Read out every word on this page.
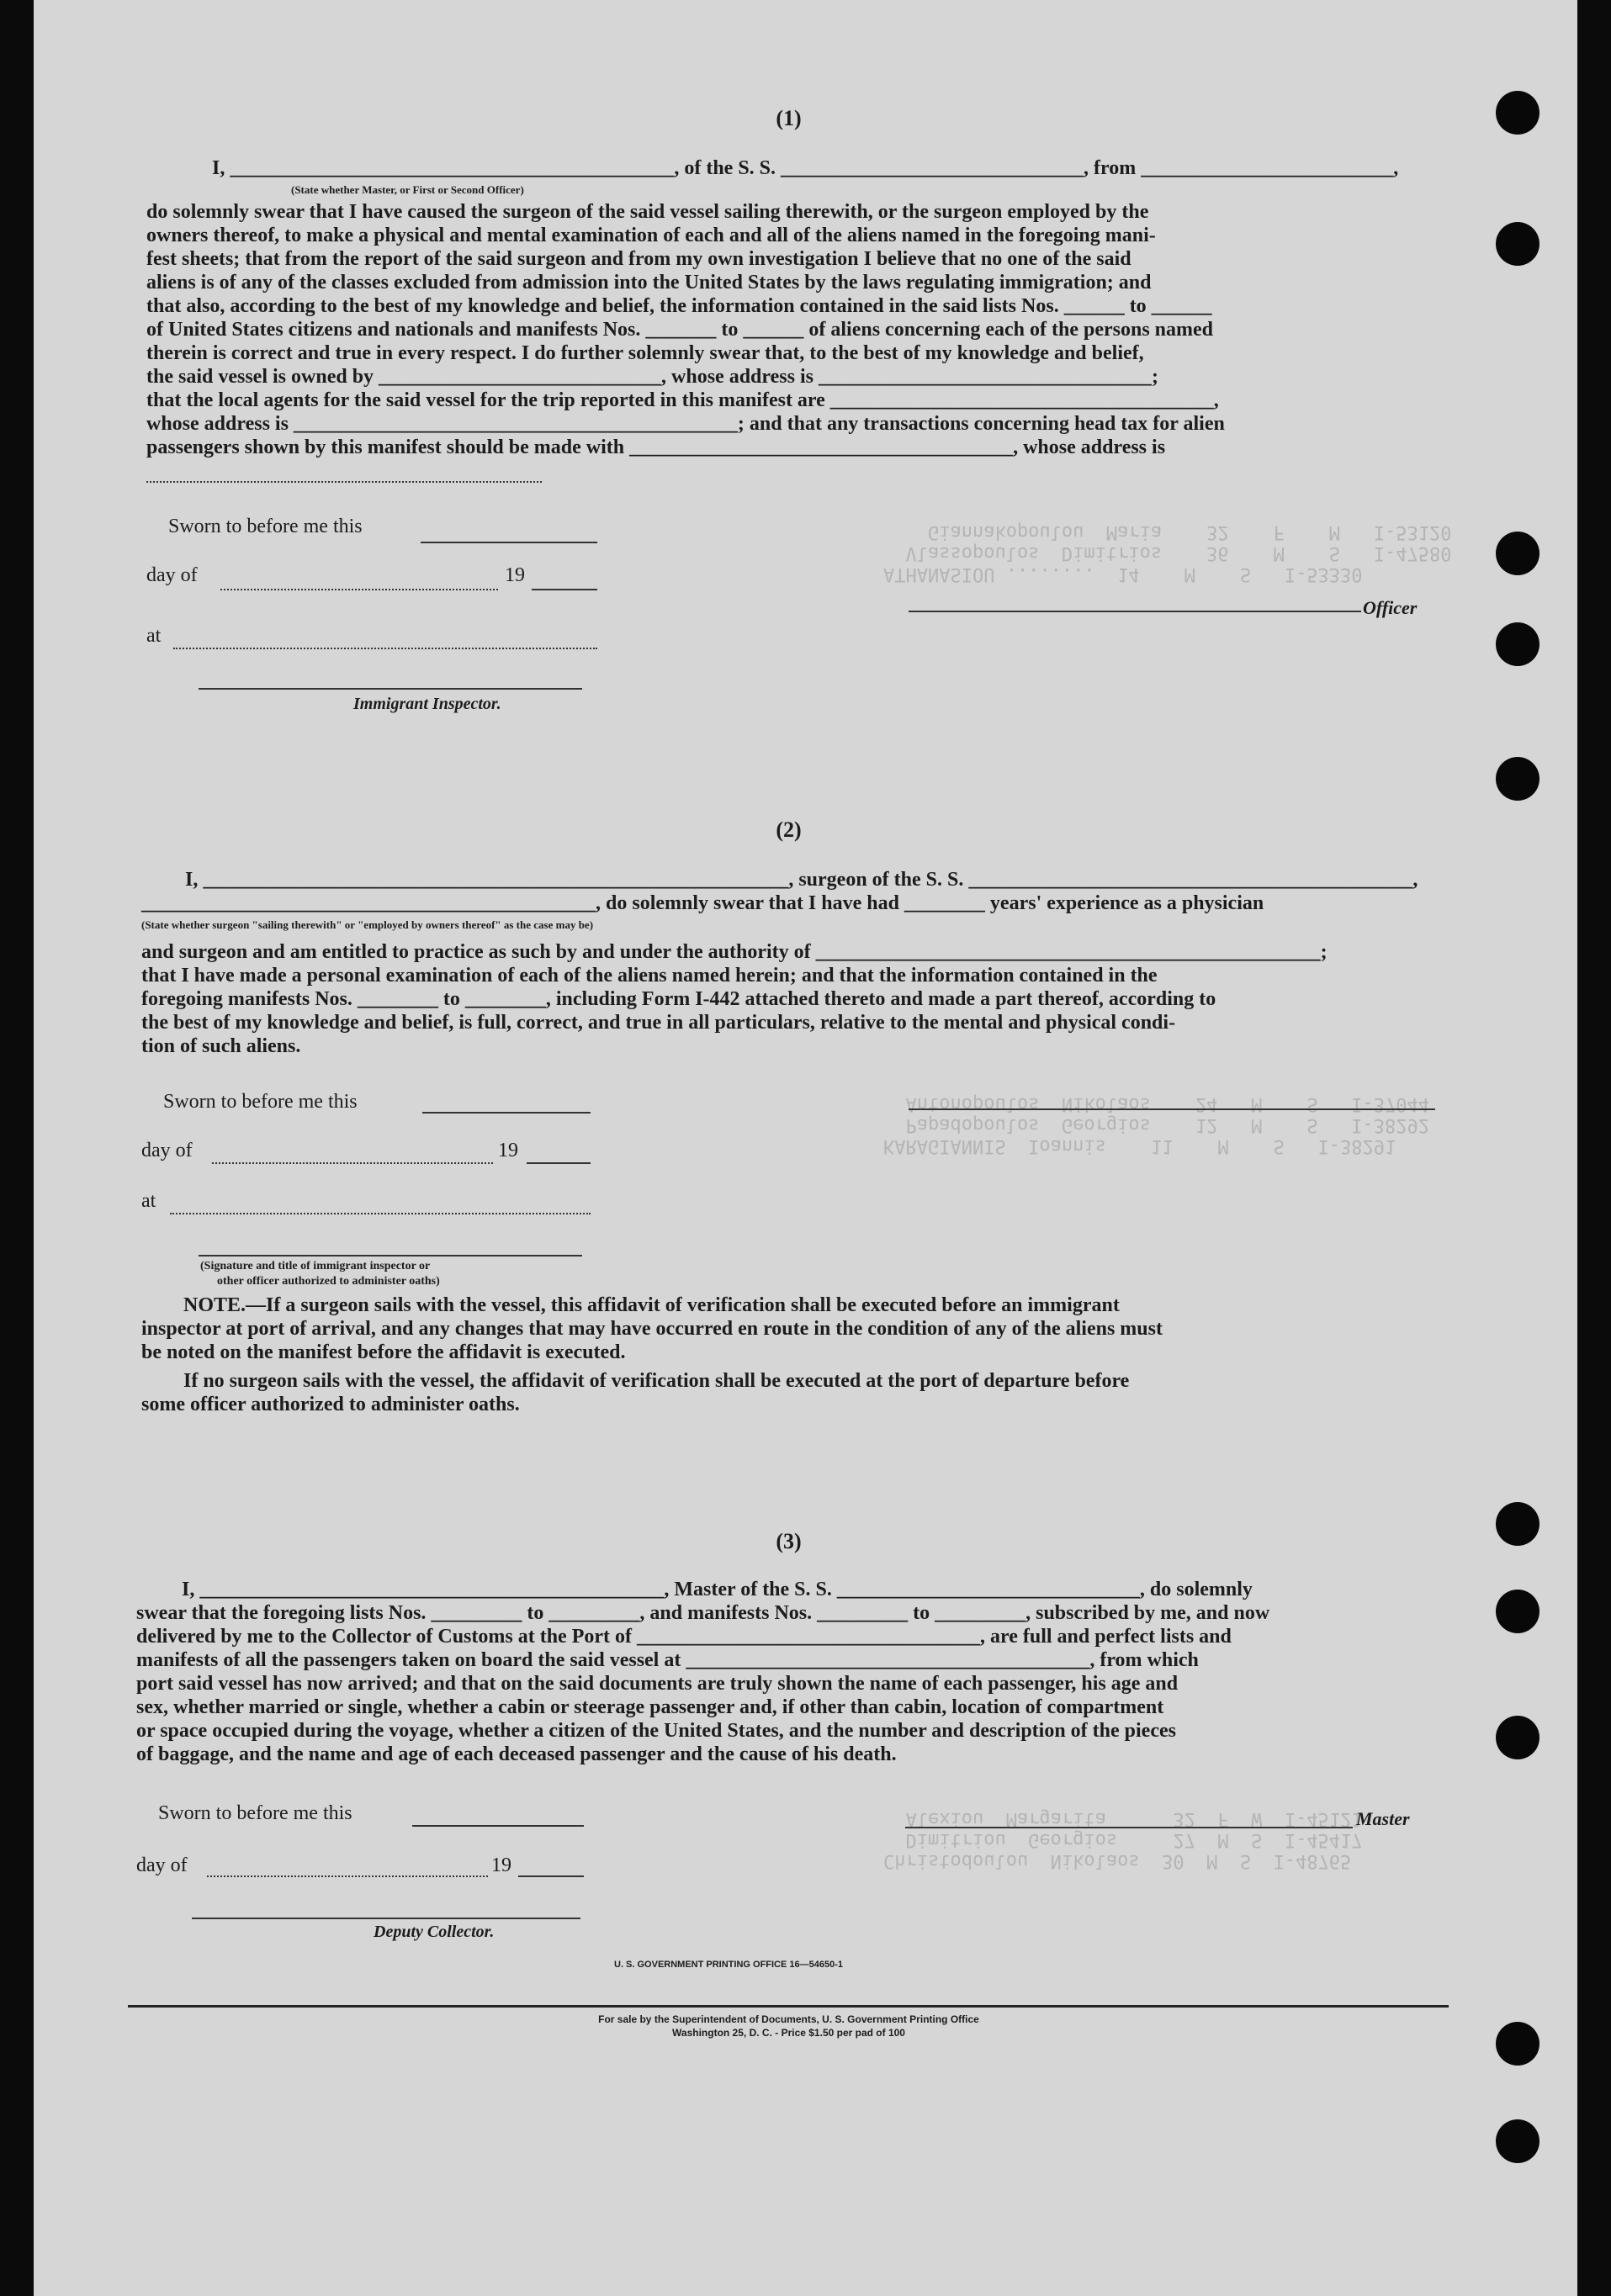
ATHANASIOU ........  14    M    S   I-53330
Vlassopoulos  Dimitrios    36    M    S   I-47580
Giannakopoulou  Maria    32    F    M   I-53120
KARAGIANNIS  Ioannis    11    M    S   I-38291
Papadopoulos  Georgios    12   M    S   I-38292
Antonopoulos  Nikolaos    24   M    S   I-37044
Christodoulou  Nikolaos  30  M  S  I-48765
Dimitriou  Georgios     27  M  S  I-45417
Alexiou  Margarita      32  F  W  I-45121
(1)
I, ____________________________________________, of the S. S. ______________________________, from _________________________,
(State whether Master, or First or Second Officer)
do solemnly swear that I have caused the surgeon of the said vessel sailing therewith, or the surgeon employed by the
owners thereof, to make a physical and mental examination of each and all of the aliens named in the foregoing mani-
fest sheets; that from the report of the said surgeon and from my own investigation I believe that no one of the said
aliens is of any of the classes excluded from admission into the United States by the laws regulating immigration; and
that also, according to the best of my knowledge and belief, the information contained in the said lists Nos. ______ to ______
of United States citizens and nationals and manifests Nos. _______ to ______ of aliens concerning each of the persons named
therein is correct and true in every respect. I do further solemnly swear that, to the best of my knowledge and belief,
the said vessel is owned by ____________________________, whose address is _________________________________;
that the local agents for the said vessel for the trip reported in this manifest are ______________________________________,
whose address is ____________________________________________; and that any transactions concerning head tax for alien
passengers shown by this manifest should be made with ______________________________________, whose address is
Sworn to before me this
day of	19
Officer
at
Immigrant Inspector.
(2)
I, __________________________________________________________, surgeon of the S. S. ____________________________________________,
_____________________________________________, do solemnly swear that I have had ________ years' experience as a physician
(State whether surgeon "sailing therewith" or "employed by owners thereof" as the case may be)
and surgeon and am entitled to practice as such by and under the authority of __________________________________________________;
that I have made a personal examination of each of the aliens named herein; and that the information contained in the
foregoing manifests Nos. ________ to ________, including Form I-442 attached thereto and made a part thereof, according to
the best of my knowledge and belief, is full, correct, and true in all particulars, relative to the mental and physical condi-
tion of such aliens.
Sworn to before me this
day of	19
at
(Signature and title of immigrant inspector or
other officer authorized to administer oaths)
NOTE.—If a surgeon sails with the vessel, this affidavit of verification shall be executed before an immigrant
inspector at port of arrival, and any changes that may have occurred en route in the condition of any of the aliens must
be noted on the manifest before the affidavit is executed.
If no surgeon sails with the vessel, the affidavit of verification shall be executed at the port of departure before
some officer authorized to administer oaths.
(3)
I, ______________________________________________, Master of the S. S. ______________________________, do solemnly
swear that the foregoing lists Nos. _________ to _________, and manifests Nos. _________ to _________, subscribed by me, and now
delivered by me to the Collector of Customs at the Port of __________________________________, are full and perfect lists and
manifests of all the passengers taken on board the said vessel at ________________________________________, from which
port said vessel has now arrived; and that on the said documents are truly shown the name of each passenger, his age and
sex, whether married or single, whether a cabin or steerage passenger and, if other than cabin, location of compartment
or space occupied during the voyage, whether a citizen of the United States, and the number and description of the pieces
of baggage, and the name and age of each deceased passenger and the cause of his death.
Sworn to before me this	Master
day of	19
Deputy Collector.
U. S. GOVERNMENT PRINTING OFFICE 16—54650-1
For sale by the Superintendent of Documents, U. S. Government Printing Office
Washington 25, D. C. - Price $1.50 per pad of 100
